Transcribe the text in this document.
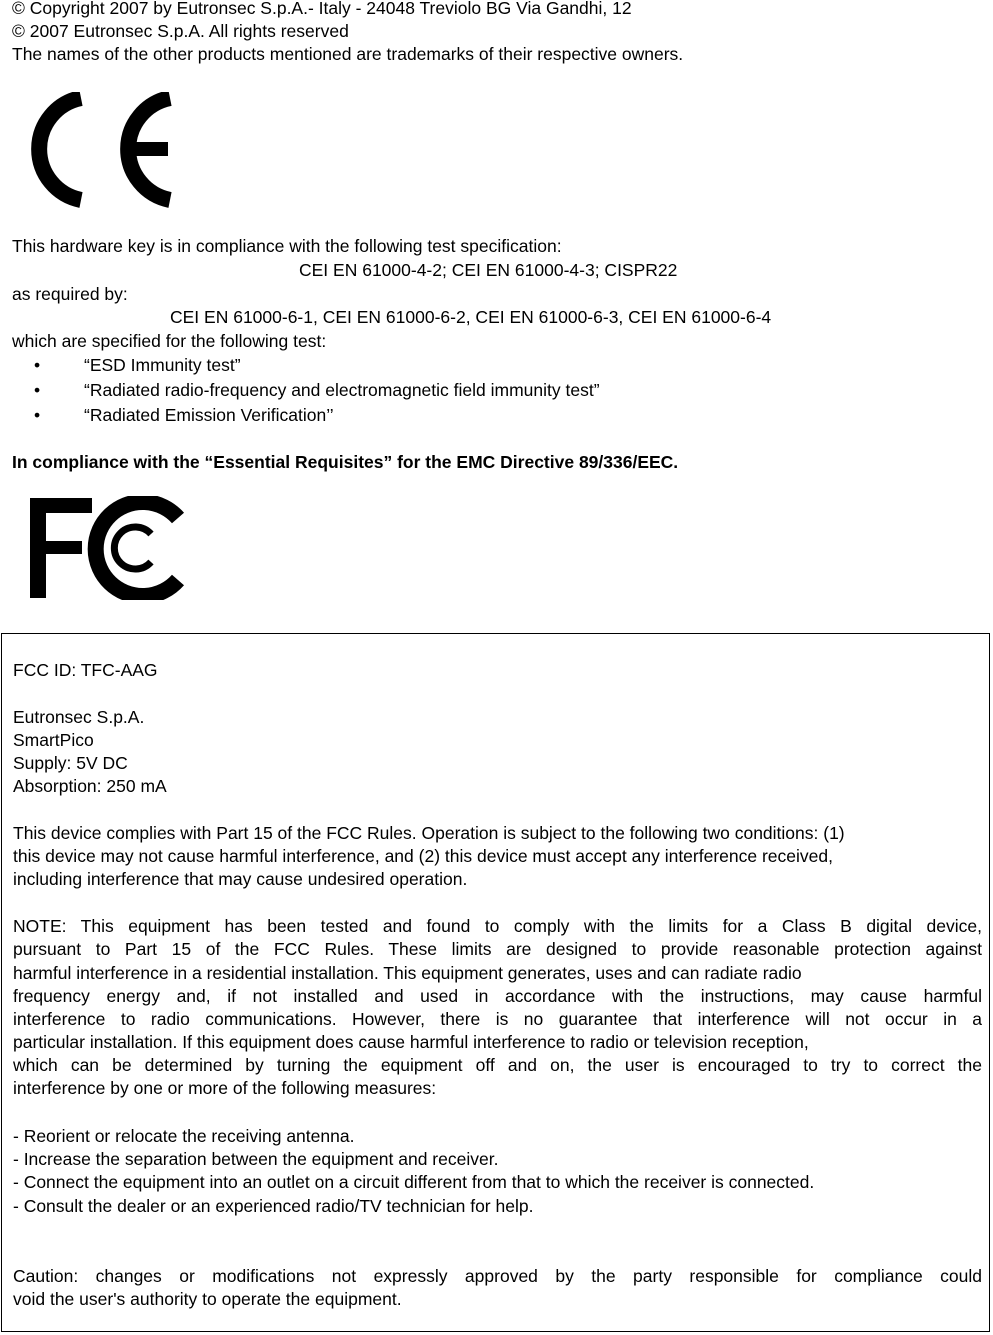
© Copyright 2007 by Eutronsec S.p.A.- Italy - 24048 Treviolo BG Via Gandhi, 12
© 2007 Eutronsec S.p.A. All rights reserved
The names of the other products mentioned are trademarks of their respective owners.
This hardware key is in compliance with the following test specification:
CEI EN 61000-4-2; CEI EN 61000-4-3; CISPR22
as required by:
CEI EN 61000-6-1, CEI EN 61000-6-2, CEI EN 61000-6-3, CEI EN 61000-6-4
which are specified for the following test:
•	“ESD Immunity test”
•	“Radiated radio-frequency and electromagnetic field immunity test”
•	“Radiated Emission Verification’’
In compliance with the “Essential Requisites” for the EMC Directive 89/336/EEC.
FCC ID: TFC-AAG
Eutronsec S.p.A.
SmartPico
Supply: 5V DC
Absorption: 250 mA
This device complies with Part 15 of the FCC Rules. Operation is subject to the following two conditions: (1)
this device may not cause harmful interference, and (2) this device must accept any interference received,
including interference that may cause undesired operation.
NOTE: This equipment has been tested and found to comply with the limits for a Class B digital device,
pursuant to Part 15 of the FCC Rules. These limits are designed to provide reasonable protection against
harmful interference in a residential installation. This equipment generates, uses and can radiate radio
frequency energy and, if not installed and used in accordance with the instructions, may cause harmful
interference to radio communications. However, there is no guarantee that interference will not occur in a
particular installation. If this equipment does cause harmful interference to radio or television reception,
which can be determined by turning the equipment off and on, the user is encouraged to try to correct the
interference by one or more of the following measures:
- Reorient or relocate the receiving antenna.
- Increase the separation between the equipment and receiver.
- Connect the equipment into an outlet on a circuit different from that to which the receiver is connected.
- Consult the dealer or an experienced radio/TV technician for help.
Caution: changes or modifications not expressly approved by the party responsible for compliance could
void the user's authority to operate the equipment.
